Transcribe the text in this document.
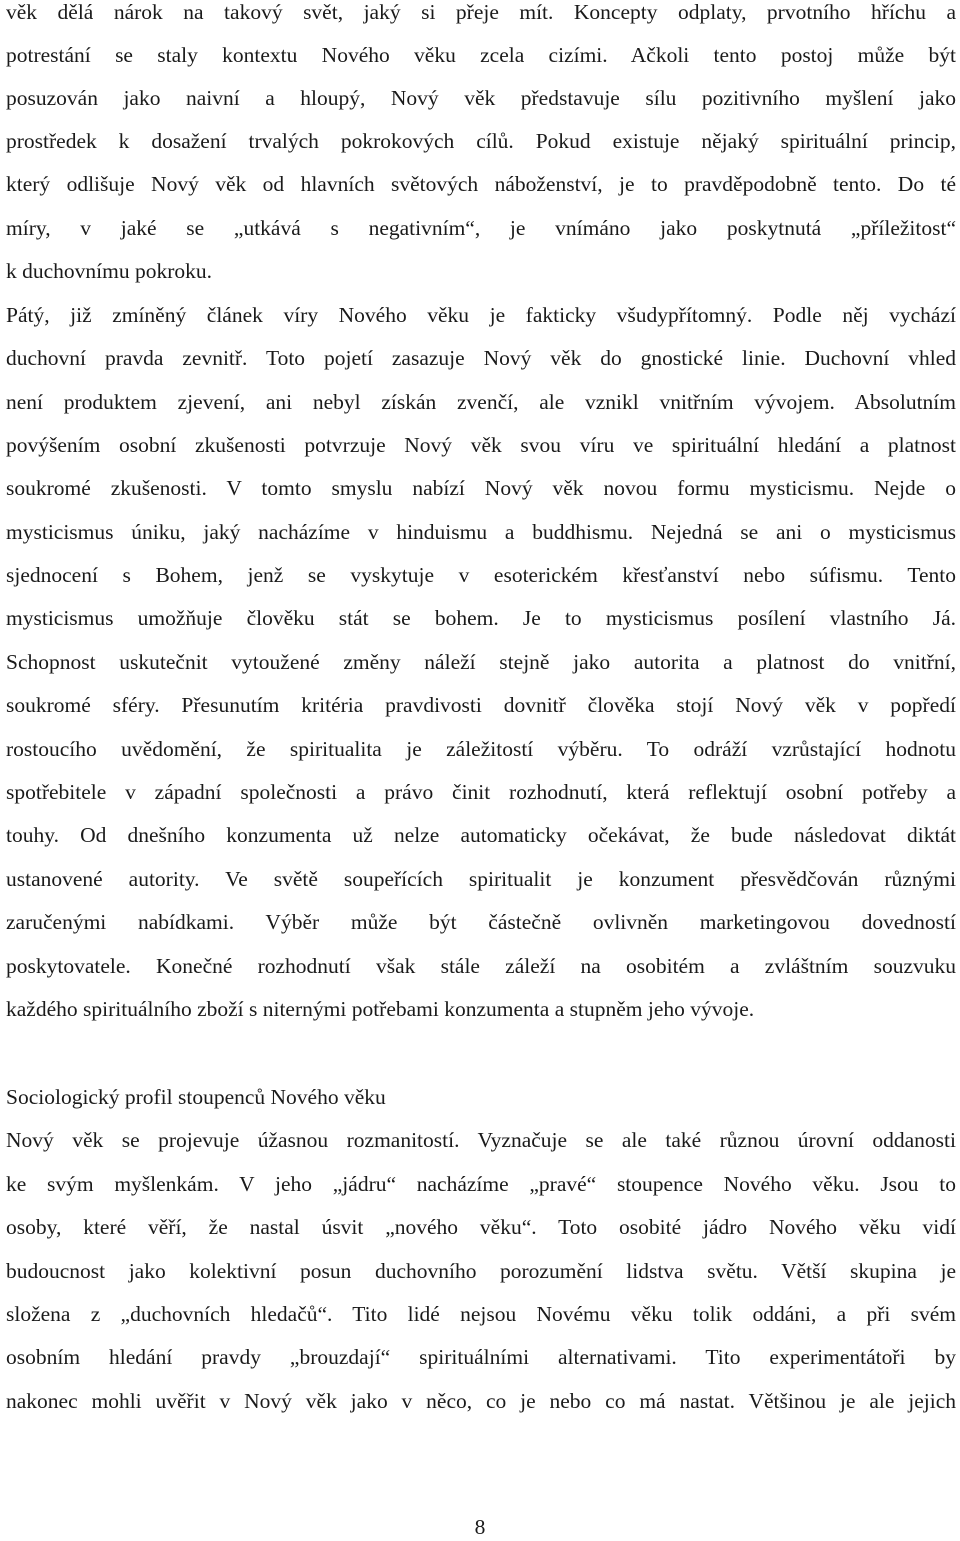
věk dělá nárok na takový svět, jaký si přeje mít. Koncepty odplaty, prvotního hříchu a
potrestání se staly kontextu Nového věku zcela cizími. Ačkoli tento postoj může být
posuzován jako naivní a hloupý, Nový věk představuje sílu pozitivního myšlení jako
prostředek k dosažení trvalých pokrokových cílů. Pokud existuje nějaký spirituální princip,
který odlišuje Nový věk od hlavních světových náboženství, je to pravděpodobně tento. Do té
míry, v jaké se „utkává s negativním“, je vnímáno jako poskytnutá „příležitost“
k duchovnímu pokroku.
Pátý, již zmíněný článek víry Nového věku je fakticky všudypřítomný. Podle něj vychází
duchovní pravda zevnitř. Toto pojetí zasazuje Nový věk do gnostické linie. Duchovní vhled
není produktem zjevení, ani nebyl získán zvenčí, ale vznikl vnitřním vývojem. Absolutním
povýšením osobní zkušenosti potvrzuje Nový věk svou víru ve spirituální hledání a platnost
soukromé zkušenosti. V tomto smyslu nabízí Nový věk novou formu mysticismu. Nejde o
mysticismus úniku, jaký nacházíme v hinduismu a buddhismu. Nejedná se ani o mysticismus
sjednocení s Bohem, jenž se vyskytuje v esoterickém křesťanství nebo súfismu. Tento
mysticismus umožňuje člověku stát se bohem. Je to mysticismus posílení vlastního Já.
Schopnost uskutečnit vytoužené změny náleží stejně jako autorita a platnost do vnitřní,
soukromé sféry. Přesunutím kritéria pravdivosti dovnitř člověka stojí Nový věk v popředí
rostoucího uvědomění, že spiritualita je záležitostí výběru. To odráží vzrůstající hodnotu
spotřebitele v západní společnosti a právo činit rozhodnutí, která reflektují osobní potřeby a
touhy. Od dnešního konzumenta už nelze automaticky očekávat, že bude následovat diktát
ustanovené autority. Ve světě soupeřících spiritualit je konzument přesvědčován různými
zaručenými nabídkami. Výběr může být částečně ovlivněn marketingovou dovedností
poskytovatele. Konečné rozhodnutí však stále záleží na osobitém a zvláštním souzvuku
každého spirituálního zboží s niternými potřebami konzumenta a stupněm jeho vývoje.
Sociologický profil stoupenců Nového věku
Nový věk se projevuje úžasnou rozmanitostí. Vyznačuje se ale také různou úrovní oddanosti
ke svým myšlenkám. V jeho „jádru“ nacházíme „pravé“ stoupence Nového věku. Jsou to
osoby, které věří, že nastal úsvit „nového věku“. Toto osobité jádro Nového věku vidí
budoucnost jako kolektivní posun duchovního porozumění lidstva světu. Větší skupina je
složena z „duchovních hledačů“. Tito lidé nejsou Novému věku tolik oddáni, a při svém
osobním hledání pravdy „brouzdají“ spirituálními alternativami. Tito experimentátoři by
nakonec mohli uvěřit v Nový věk jako v něco, co je nebo co má nastat. Většinou je ale jejich
8
